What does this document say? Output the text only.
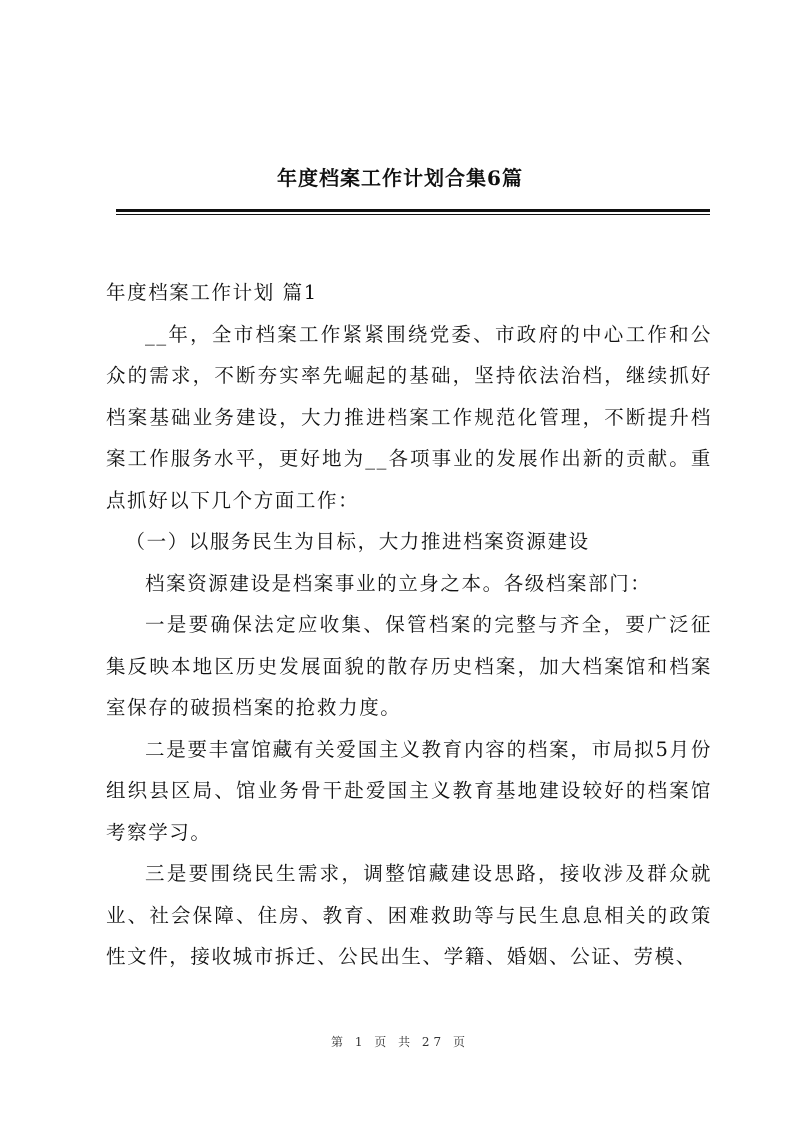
年度档案工作计划合集6篇

年度档案工作计划 篇1

__年，全市档案工作紧紧围绕党委、市政府的中心工作和公众的需求，不断夯实率先崛起的基础，坚持依法治档，继续抓好档案基础业务建设，大力推进档案工作规范化管理，不断提升档案工作服务水平，更好地为__各项事业的发展作出新的贡献。重点抓好以下几个方面工作：

（一）以服务民生为目标，大力推进档案资源建设

档案资源建设是档案事业的立身之本。各级档案部门：

一是要确保法定应收集、保管档案的完整与齐全，要广泛征集反映本地区历史发展面貌的散存历史档案，加大档案馆和档案室保存的破损档案的抢救力度。

二是要丰富馆藏有关爱国主义教育内容的档案，市局拟5月份组织县区局、馆业务骨干赴爱国主义教育基地建设较好的档案馆考察学习。

三是要围绕民生需求，调整馆藏建设思路，接收涉及群众就业、社会保障、住房、教育、困难救助等与民生息息相关的政策性文件，接收城市拆迁、公民出生、学籍、婚姻、公证、劳模、

第 1 页 共 27 页
